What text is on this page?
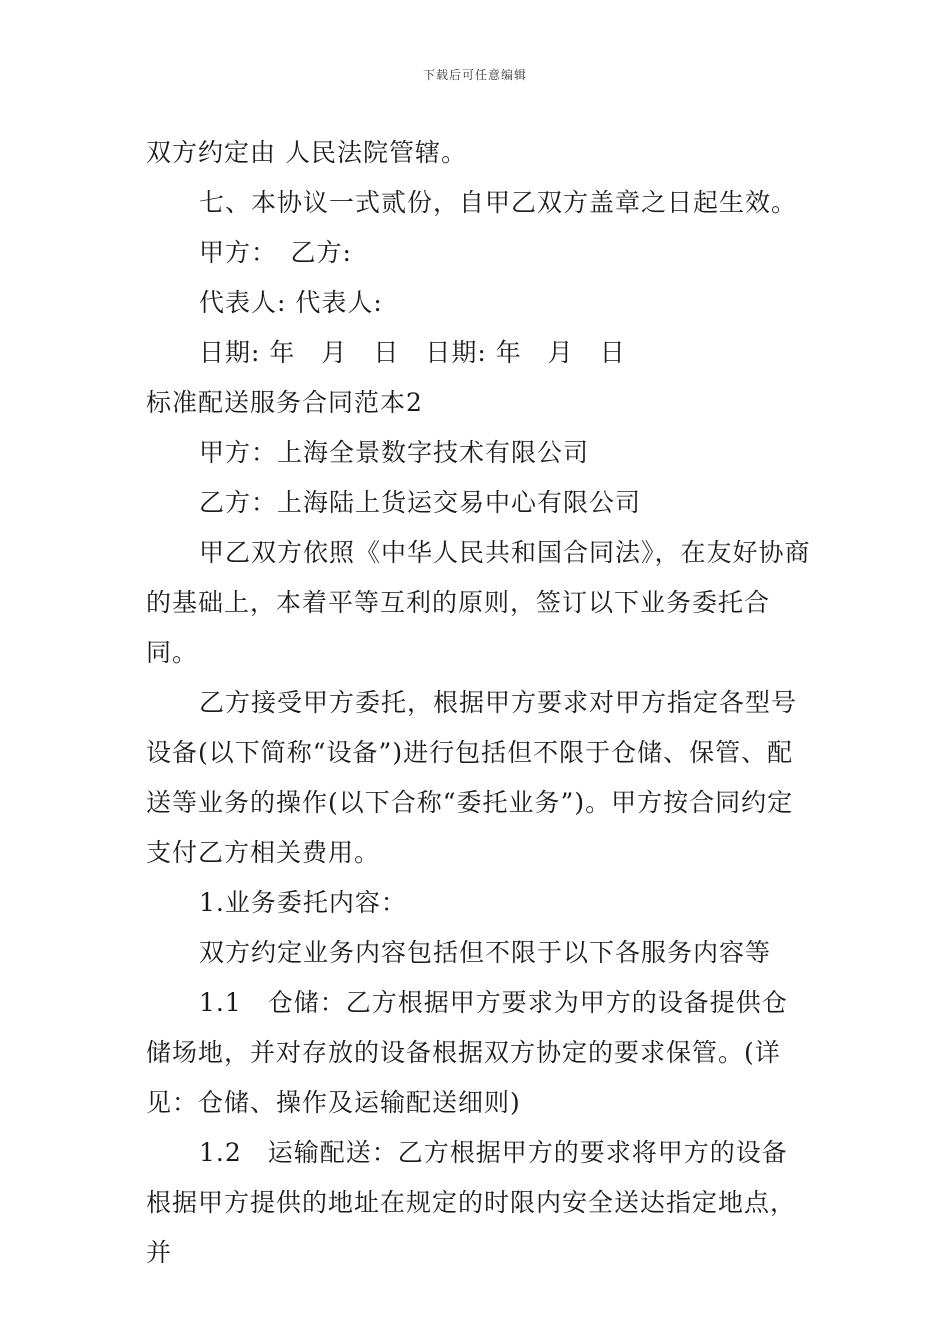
下载后可任意编辑

双方约定由 人民法院管辖。

七、本协议一式贰份，自甲乙双方盖章之日起生效。

甲方：　乙方:

代表人: 代表人:

日期: 年　月　日　日期: 年　月　日

标准配送服务合同范本2

甲方：上海全景数字技术有限公司

乙方：上海陆上货运交易中心有限公司

甲乙双方依照《中华人民共和国合同法》，在友好协商的基础上，本着平等互利的原则，签订以下业务委托合同。

乙方接受甲方委托，根据甲方要求对甲方指定各型号设备(以下简称“设备”)进行包括但不限于仓储、保管、配送等业务的操作(以下合称“委托业务”)。甲方按合同约定支付乙方相关费用。

1.业务委托内容：

双方约定业务内容包括但不限于以下各服务内容等

1.1　仓储：乙方根据甲方要求为甲方的设备提供仓储场地，并对存放的设备根据双方协定的要求保管。(详见：仓储、操作及运输配送细则)

1.2　运输配送：乙方根据甲方的要求将甲方的设备根据甲方提供的地址在规定的时限内安全送达指定地点，并
